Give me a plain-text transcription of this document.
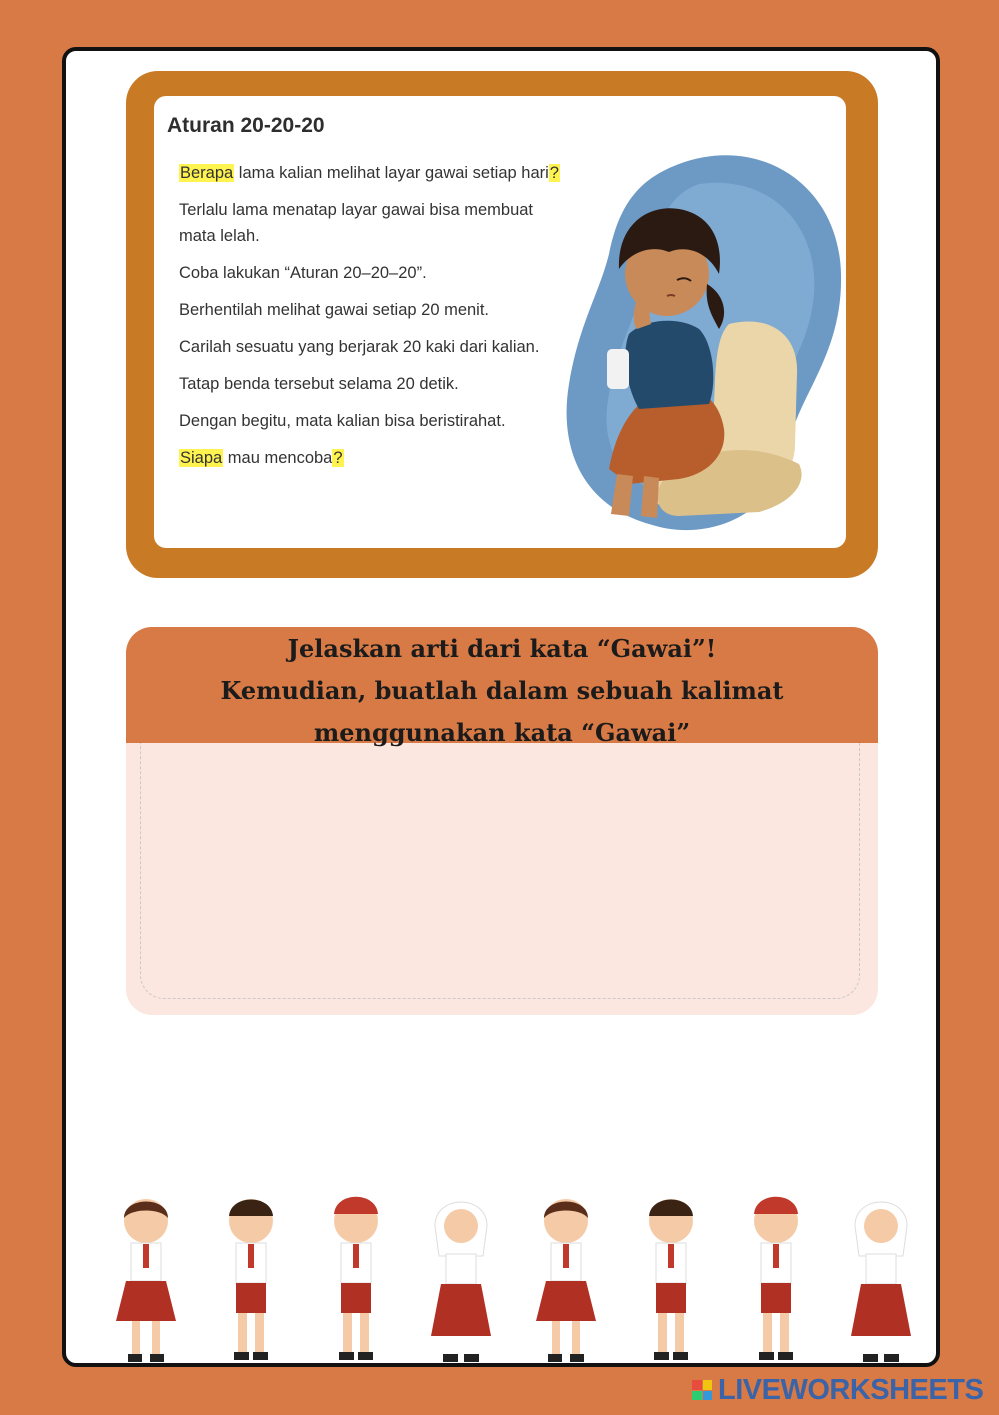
Aturan 20-20-20

Berapa lama kalian melihat layar gawai setiap hari?

Terlalu lama menatap layar gawai bisa membuat mata lelah.

Coba lakukan “Aturan 20–20–20”.

Berhentilah melihat gawai setiap 20 menit.

Carilah sesuatu yang berjarak 20 kaki dari kalian.

Tatap benda tersebut selama 20 detik.

Dengan begitu, mata kalian bisa beristirahat.

Siapa mau mencoba?

Jelaskan arti dari kata “Gawai”!
Kemudian, buatlah dalam sebuah kalimat
menggunakan kata “Gawai”
LIVEWORKSHEETS
